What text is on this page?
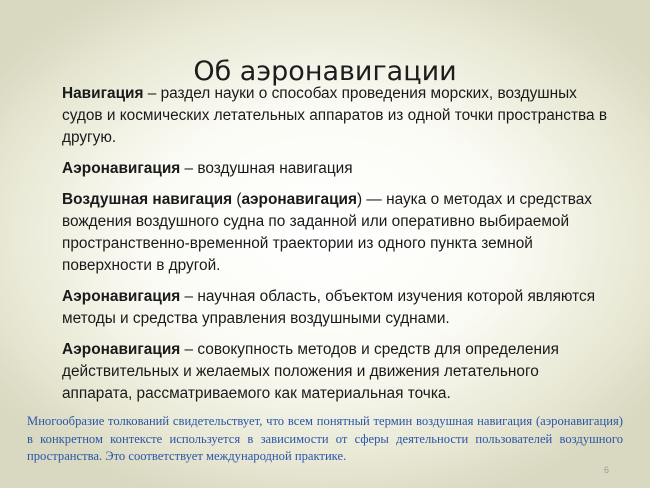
Об аэронавигации

Навигация – раздел науки о способах проведения морских, воздушных судов и космических летательных аппаратов из одной точки пространства в другую.

Аэронавигация – воздушная навигация

Воздушная навигация (аэронавигация) — наука о методах и средствах вождения воздушного судна по заданной или оперативно выбираемой пространственно-временной траектории из одного пункта земной поверхности в другой.

Аэронавигация – научная область, объектом изучения которой являются методы и средства управления воздушными суднами.

Аэронавигация – совокупность методов и средств для определения действительных и желаемых положения и движения летательного аппарата, рассматриваемого как материальная точка.

Многообразие толкований свидетельствует, что всем понятный термин воздушная навигация (аэронавигация) в конкретном контексте используется в зависимости от сферы деятельности пользователей воздушного пространства. Это соответствует международной практике.
6
